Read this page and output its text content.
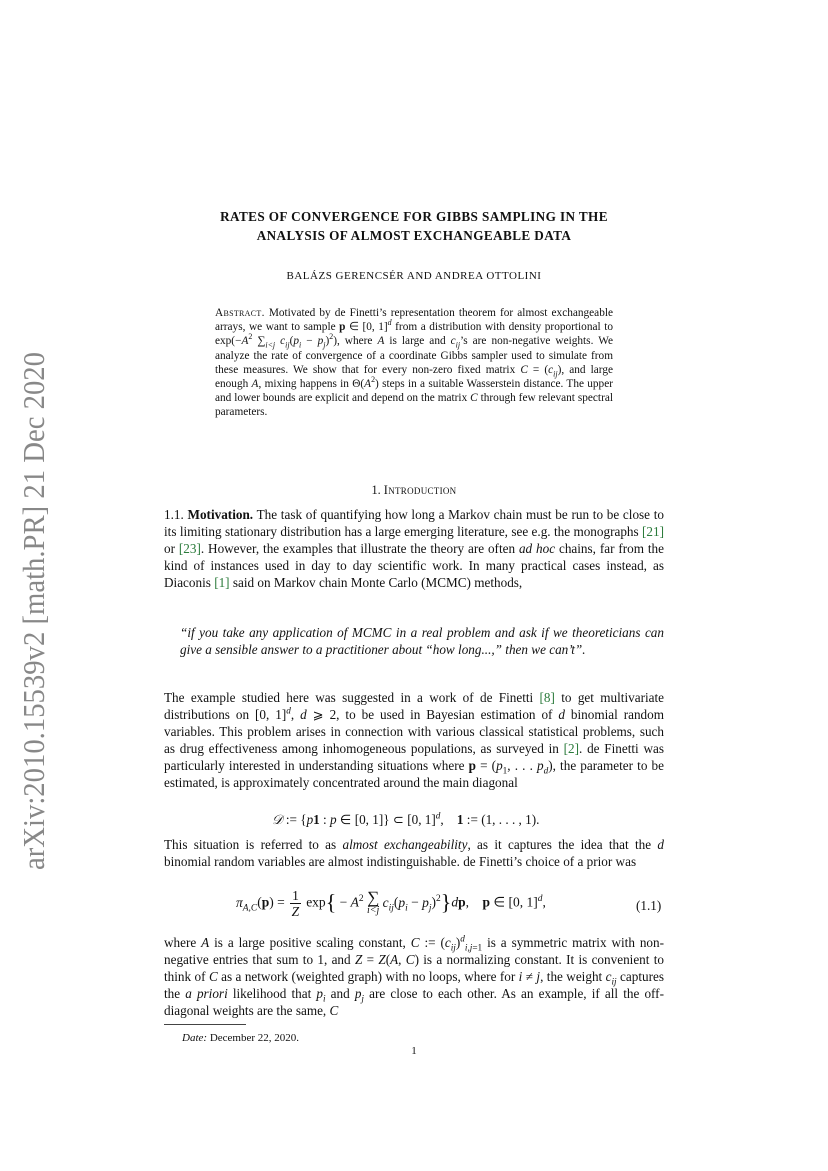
arXiv:2010.15539v2 [math.PR] 21 Dec 2020
RATES OF CONVERGENCE FOR GIBBS SAMPLING IN THE
ANALYSIS OF ALMOST EXCHANGEABLE DATA
BALÁZS GERENCSÉR AND ANDREA OTTOLINI
Abstract. Motivated by de Finetti’s representation theorem for almost exchangeable arrays, we want to sample p ∈ [0, 1]$^d$ from a distribution with density proportional to $\exp(-A^2$ $\sum_{i<j}$ $c_{ij}(p_i - p_j)^2$), where A is large and $c_{ij}’s$ are non-negative weights. We analyze the rate of convergence of a coordinate Gibbs sampler used to simulate from these measures. We show that for every non-zero fixed matrix $C = (c_{ij})$, and large enough A, mixing happens in $\Theta(A^2)$ steps in a suitable Wasserstein distance. The upper and lower bounds are explicit and depend on the matrix C through few relevant spectral parameters.
1. Introduction
1.1. Motivation. The task of quantifying how long a Markov chain must be run to be close to its limiting stationary distribution has a large emerging literature, see e.g. the monographs [21] or [23]. However, the examples that illustrate the theory are often ad hoc chains, far from the kind of instances used in day to day scientific work. In many practical cases instead, as Diaconis [1] said on Markov chain Monte Carlo (MCMC) methods,
“if you take any application of MCMC in a real problem and ask if we theoreticians can give a sensible answer to a practitioner about “how long...,” then we can’t”.
The example studied here was suggested in a work of de Finetti [8] to get multivariate distributions on [0, 1]$^d$, d ⩾ 2, to be used in Bayesian estimation of d binomial random variables. This problem arises in connection with various classical statistical problems, such as drug effectiveness among inhomogeneous populations, as surveyed in [2]. de Finetti was particularly interested in understanding situations where $p = (p_1$, . . . $p_d$), the parameter to be estimated, is approximately concentrated around the main diagonal
𝒟 := {p1 : p ∈ [0, 1]} ⊂ [0, 1]$^d$,    1 := (1, . . . , 1).
This situation is referred to as almost exchangeability, as it captures the idea that the d binomial random variables are almost indistinguishable. de Finetti’s choice of a prior was
$\pi_{A,C}(p) = \frac{1}{Z} \exp\{ - A^2$ ∑
i<j
$c_{ij}(p_i - p_j)^2\}dp$,    p ∈ [0, 1]$^d$,	(1.1)
where A is a large positive scaling constant, C := $(c_{ij})^d_{i,j=1}$ is a symmetric matrix with non-negative entries that sum to 1, and Z = Z(A, C) is a normalizing constant. It is convenient to think of C as a network (weighted graph) with no loops, where for i ≠ j, the weight $c_{ij}$ captures the a priori likelihood that $p_i$ and $p_j$ are close to each other. As an example, if all the off-diagonal weights are the same, C
Date: December 22, 2020.
1
